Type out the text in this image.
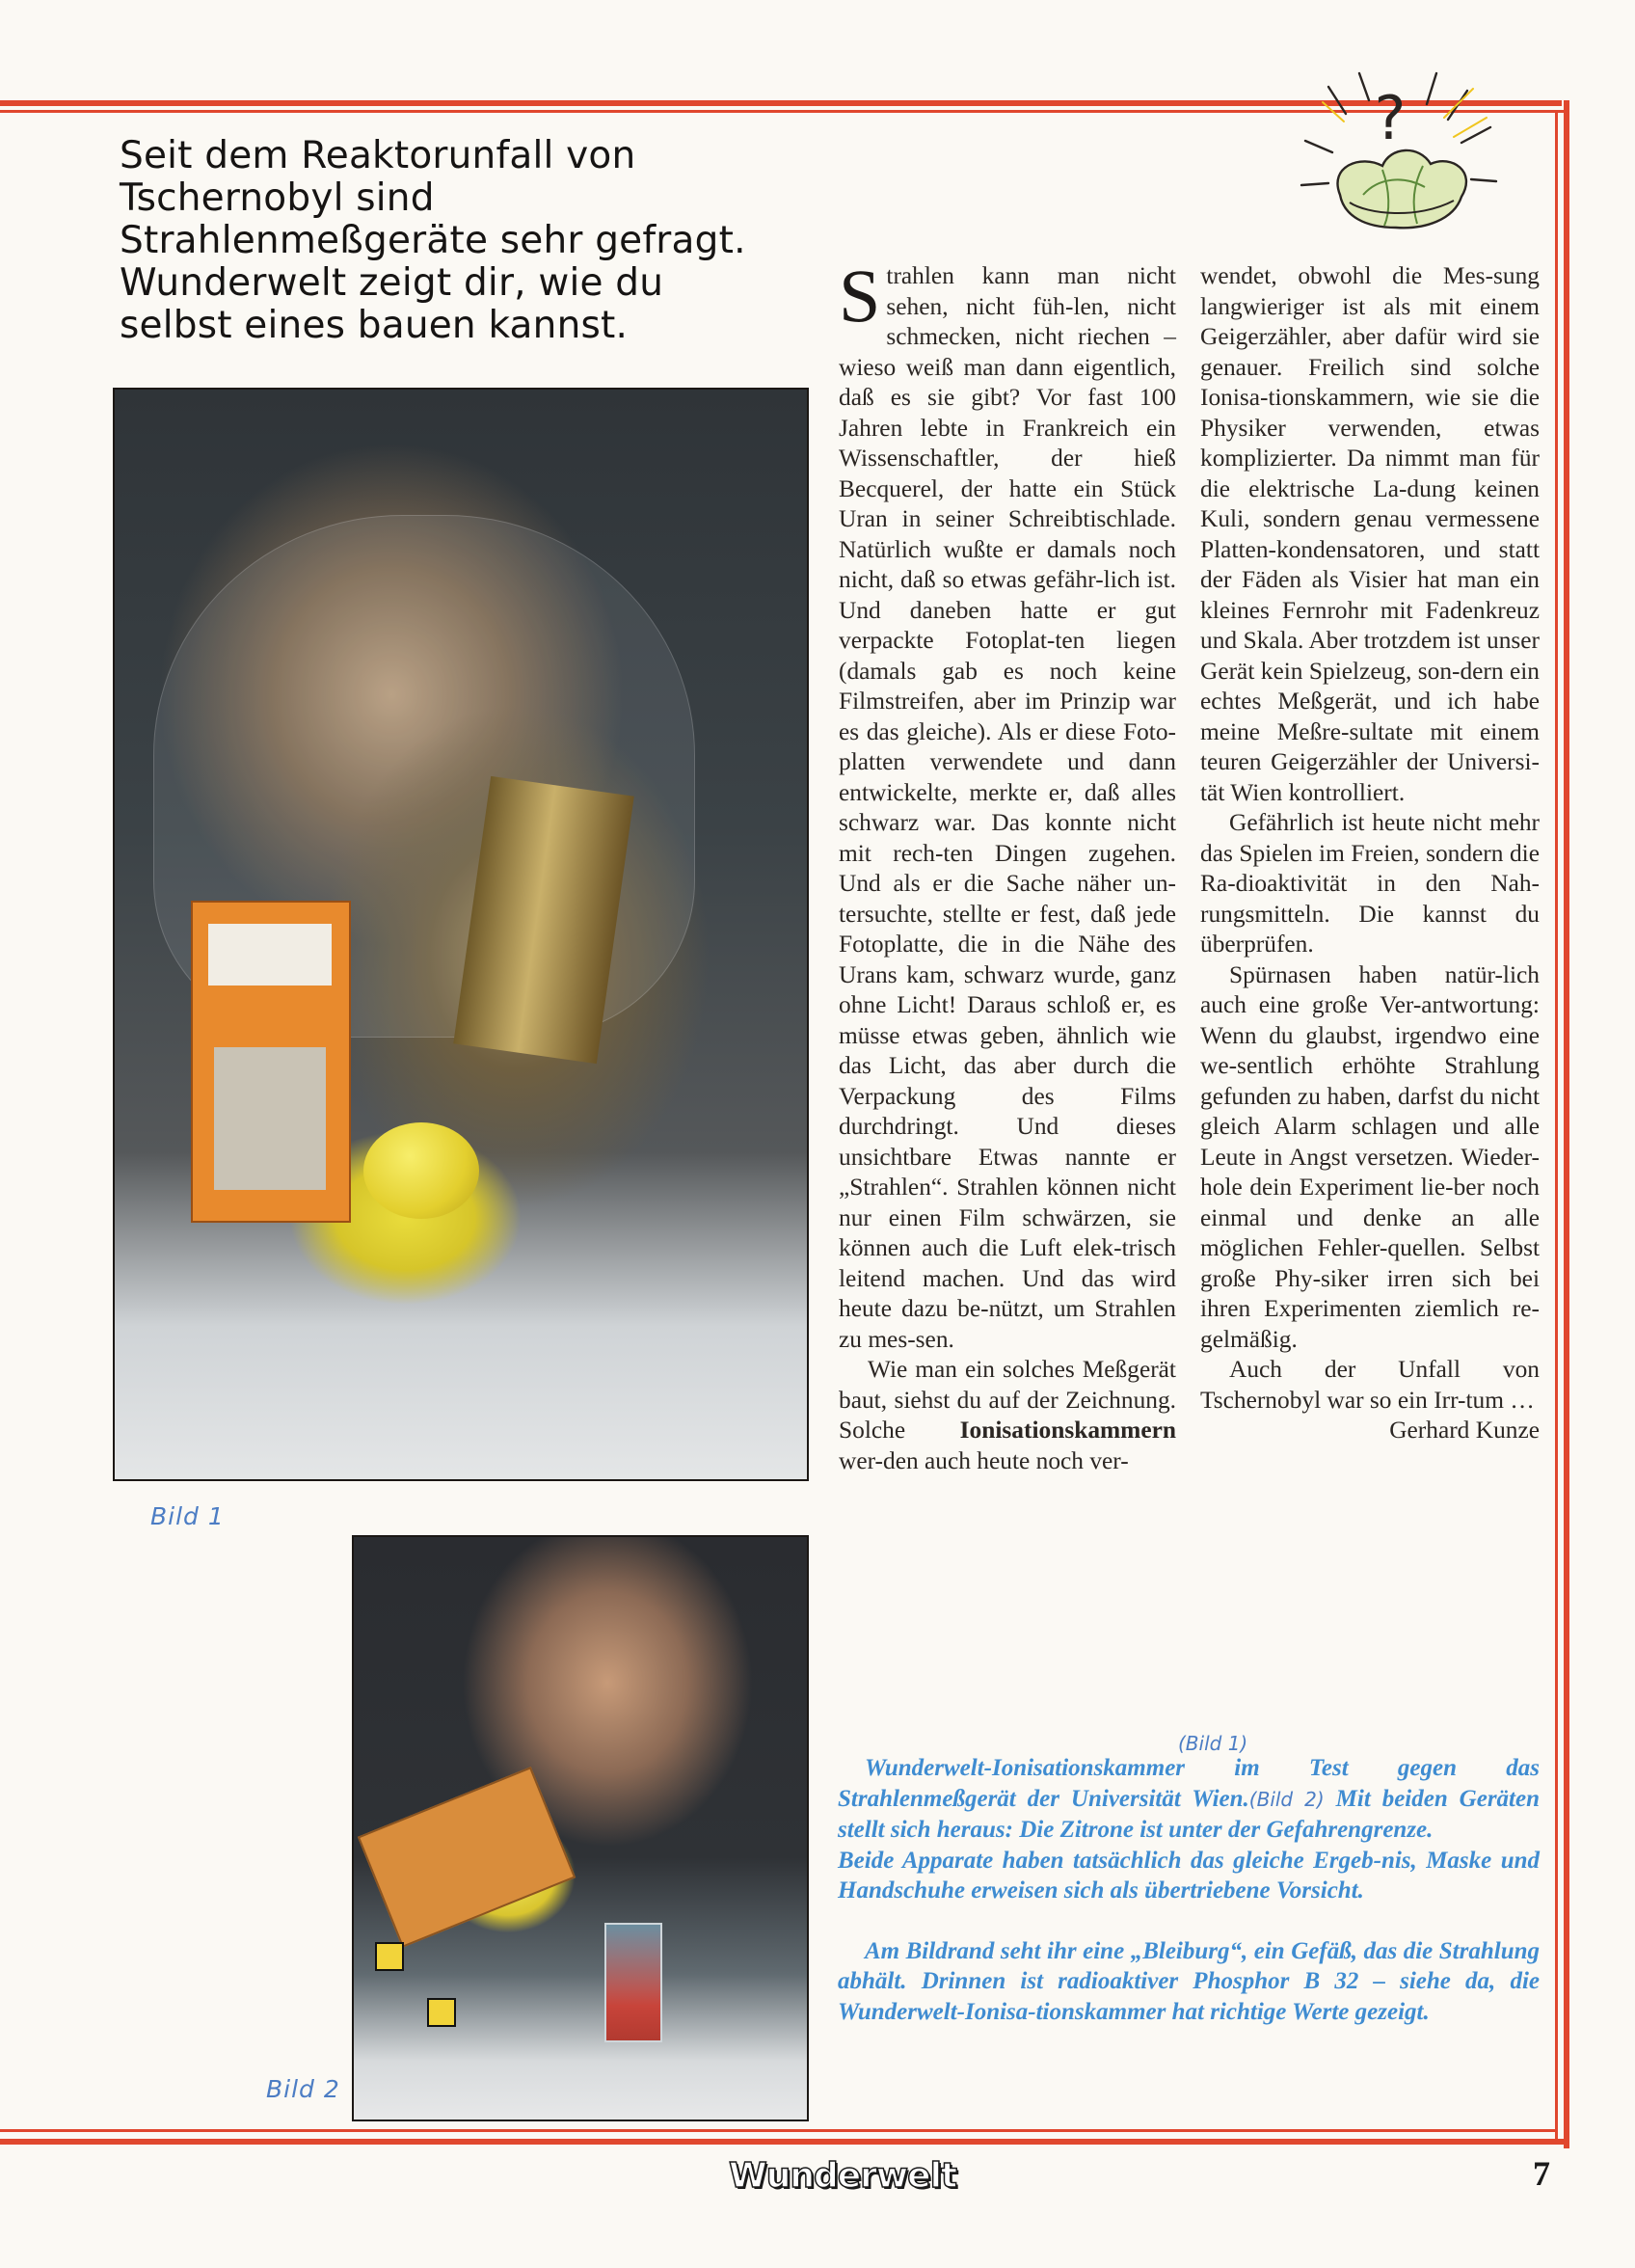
?
Seit dem Reaktorunfall von
Tschernobyl sind
Strahlenmeßgeräte sehr gefragt.
Wunderwelt zeigt dir, wie du
selbst eines bauen kannst.
Bild 1
Bild 2

Strahlen kann man nicht sehen, nicht füh-len, nicht schmecken, nicht riechen – wieso weiß man dann eigentlich, daß es sie gibt? Vor fast 100 Jahren lebte in Frankreich ein Wissenschaftler, der hieß Becquerel, der hatte ein Stück Uran in seiner Schreibtischlade. Natürlich wußte er damals noch nicht, daß so etwas gefähr-lich ist. Und daneben hatte er gut verpackte Fotoplat-ten liegen (damals gab es noch keine Filmstreifen, aber im Prinzip war es das gleiche). Als er diese Foto-platten verwendete und dann entwickelte, merkte er, daß alles schwarz war. Das konnte nicht mit rech-ten Dingen zugehen. Und als er die Sache näher un-tersuchte, stellte er fest, daß jede Fotoplatte, die in die Nähe des Urans kam, schwarz wurde, ganz ohne Licht! Daraus schloß er, es müsse etwas geben, ähnlich wie das Licht, das aber durch die Verpackung des Films durchdringt. Und dieses unsichtbare Etwas nannte er „Strahlen“. Strahlen können nicht nur einen Film schwärzen, sie können auch die Luft elek-trisch leitend machen. Und das wird heute dazu be-nützt, um Strahlen zu mes-sen.

Wie man ein solches Meßgerät baut, siehst du auf der Zeichnung. Solche Ionisationskammern wer-den auch heute noch ver-

wendet, obwohl die Mes-sung langwieriger ist als mit einem Geigerzähler, aber dafür wird sie genauer. Freilich sind solche Ionisa-tionskammern, wie sie die Physiker verwenden, etwas komplizierter. Da nimmt man für die elektrische La-dung keinen Kuli, sondern genau vermessene Platten-kondensatoren, und statt der Fäden als Visier hat man ein kleines Fernrohr mit Fadenkreuz und Skala. Aber trotzdem ist unser Gerät kein Spielzeug, son-dern ein echtes Meßgerät, und ich habe meine Meßre-sultate mit einem teuren Geigerzähler der Universi-tät Wien kontrolliert.

Gefährlich ist heute nicht mehr das Spielen im Freien, sondern die Ra-dioaktivität in den Nah-rungsmitteln. Die kannst du überprüfen.

Spürnasen haben natür-lich auch eine große Ver-antwortung: Wenn du glaubst, irgendwo eine we-sentlich erhöhte Strahlung gefunden zu haben, darfst du nicht gleich Alarm schlagen und alle Leute in Angst versetzen. Wieder-hole dein Experiment lie-ber noch einmal und denke an alle möglichen Fehler-quellen. Selbst große Phy-siker irren sich bei ihren Experimenten ziemlich re-gelmäßig.

Auch der Unfall von Tschernobyl war so ein Irr-tum …

Gerhard Kunze

(Bild 1)

Wunderwelt-Ionisationskammer im Test gegen das Strahlenmeßgerät der Universität Wien.(Bild 2) Mit beiden Geräten stellt sich heraus: Die Zitrone ist unter der Gefahrengrenze.

Beide Apparate haben tatsächlich das gleiche Ergeb-nis, Maske und Handschuhe erweisen sich als übertriebene Vorsicht.

Am Bildrand seht ihr eine „Bleiburg“, ein Gefäß, das die Strahlung abhält. Drinnen ist radioaktiver Phosphor B 32 – siehe da, die Wunderwelt-Ionisa-tionskammer hat richtige Werte gezeigt.

Wunderwelt	7
